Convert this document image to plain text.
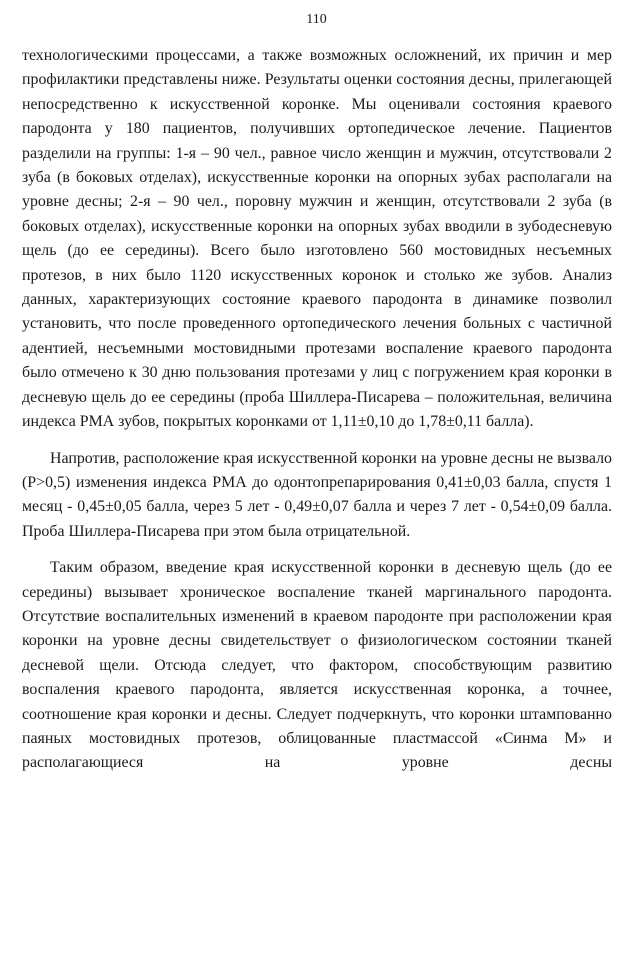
110

технологическими процессами, а также возможных осложнений, их причин и мер профилактики представлены ниже. Результаты оценки состояния десны, прилегающей непосредственно к искусственной коронке. Мы оценивали состояния краевого пародонта у 180 пациентов, получивших ортопедическое лечение. Пациентов разделили на группы: 1-я – 90 чел., равное число женщин и мужчин, отсутствовали 2 зуба (в боковых отделах), искусственные коронки на опорных зубах располагали на уровне десны; 2-я – 90 чел., поровну мужчин и женщин, отсутствовали 2 зуба (в боковых отделах), искусственные коронки на опорных зубах вводили в зубодесневую щель (до ее середины). Всего было изготовлено 560 мостовидных несъемных протезов, в них было 1120 искусственных коронок и столько же зубов. Анализ данных, характеризующих состояние краевого пародонта в динамике позволил установить, что после проведенного ортопедического лечения больных с частичной адентией, несъемными мостовидными протезами воспаление краевого пародонта было отмечено к 30 дню пользования протезами у лиц с погружением края коронки в десневую щель до ее середины (проба Шиллера-Писарева – положительная, величина индекса РМА зубов, покрытых коронками от 1,11±0,10 до 1,78±0,11 балла).

Напротив, расположение края искусственной коронки на уровне десны не вызвало (Р>0,5) изменения индекса РМА до одонтопрепарирования 0,41±0,03 балла, спустя 1 месяц - 0,45±0,05 балла, через 5 лет - 0,49±0,07 балла и через 7 лет - 0,54±0,09 балла. Проба Шиллера-Писарева при этом была отрицательной.

Таким образом, введение края искусственной коронки в десневую щель (до ее середины) вызывает хроническое воспаление тканей маргинального пародонта. Отсутствие воспалительных изменений в краевом пародонте при расположении края коронки на уровне десны свидетельствует о физиологическом состоянии тканей десневой щели. Отсюда следует, что фактором, способствующим развитию воспаления краевого пародонта, является искусственная коронка, а точнее, соотношение края коронки и десны. Следует подчеркнуть, что коронки штампованно паяных мостовидных протезов, облицованные пластмассой «Синма М» и располагающиеся на уровне десны
